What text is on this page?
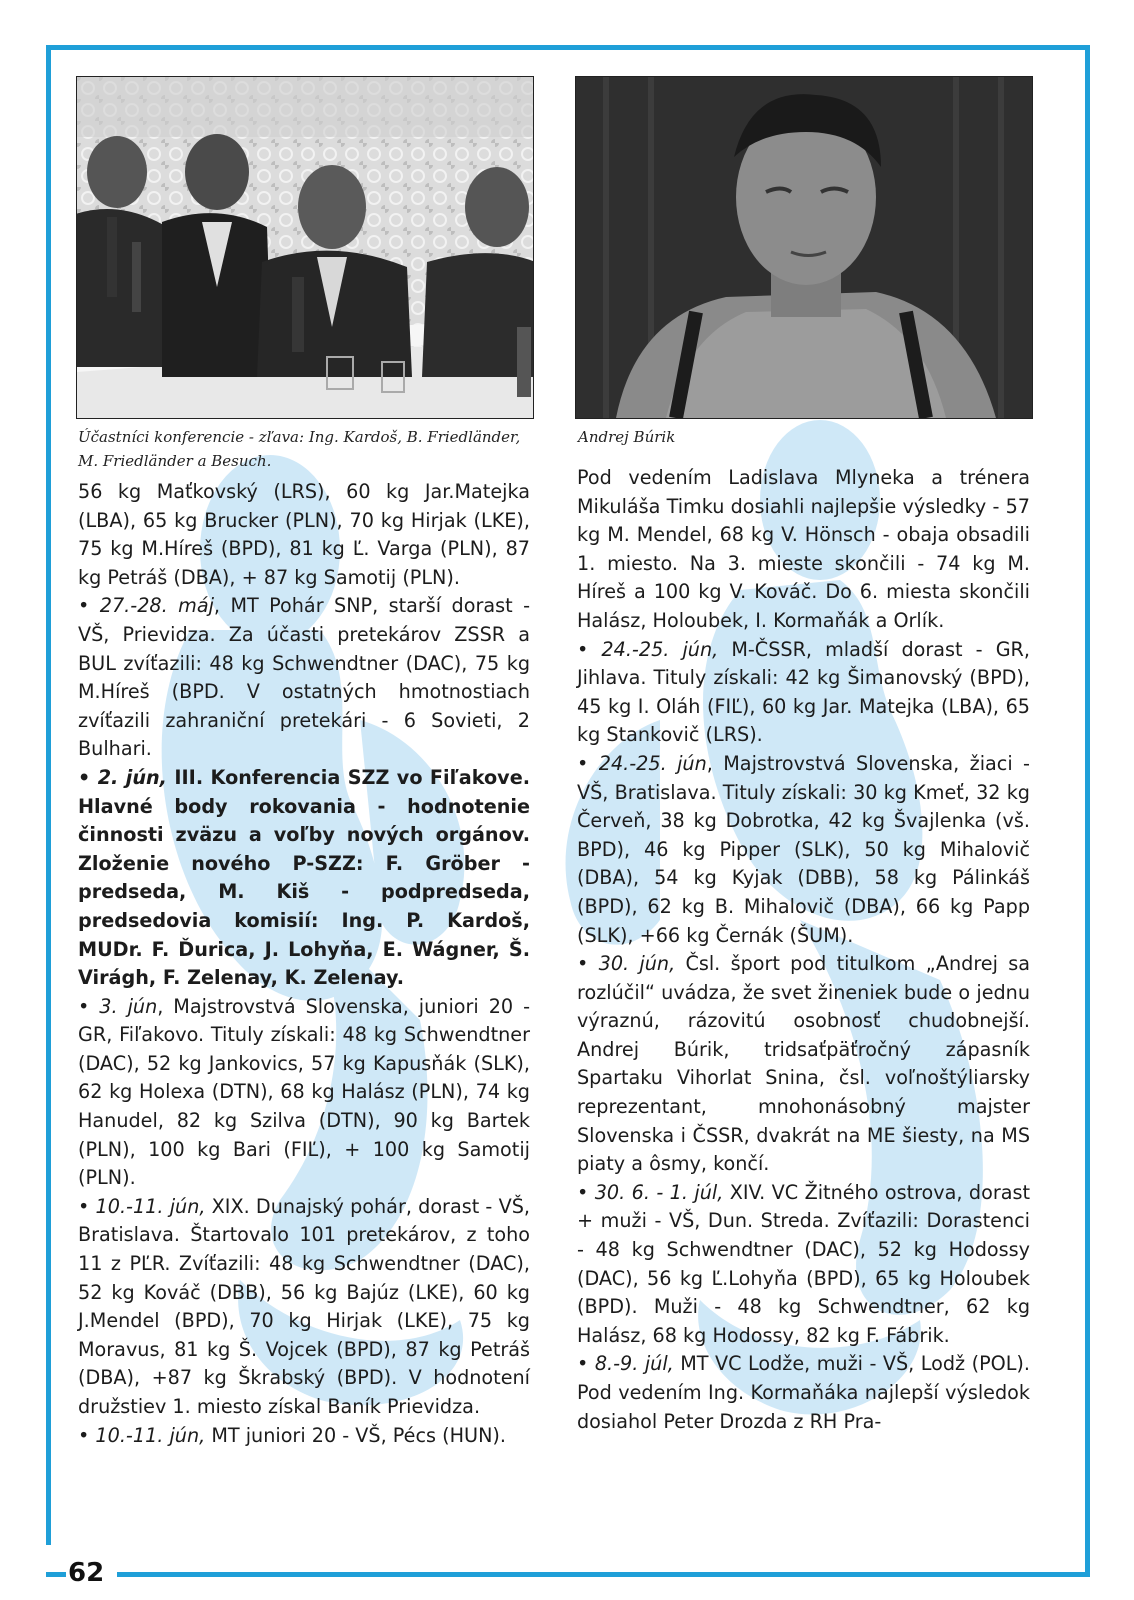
62
Účastníci konferencie - zľava: Ing. Kardoš, B. Friedländer,
M. Friedländer a Besuch.
Andrej Búrik

56 kg Maťkovský (LRS), 60 kg Jar.Matejka (LBA), 65 kg Brucker (PLN), 70 kg Hirjak (LKE), 75 kg M.Híreš (BPD), 81 kg Ľ. Varga (PLN), 87 kg Petráš (DBA), + 87 kg Samotij (PLN).

• 27.-28. máj, MT Pohár SNP, starší dorast - VŠ, Prievidza. Za účasti pretekárov ZSSR a BUL zvíťazili: 48 kg Schwendtner (DAC), 75 kg M.Híreš (BPD. V ostatných hmotnostiach zvíťazili zahraniční pretekári - 6 Sovieti, 2 Bulhari.

• 2. jún, III. Konferencia SZZ vo Fiľakove. Hlavné body rokovania - hodnotenie činnosti zväzu a voľby nových orgánov. Zloženie nového P-SZZ: F. Gröber - predseda, M. Kiš - podpredseda, predsedovia komisií: Ing. P. Kardoš, MUDr. F. Ďurica, J. Lohyňa, E. Wágner, Š. Virágh, F. Zelenay, K. Zelenay.

• 3. jún, Majstrovstvá Slovenska, juniori 20 - GR, Fiľakovo. Tituly získali: 48 kg Schwendtner (DAC), 52 kg Jankovics, 57 kg Kapusňák (SLK), 62 kg Holexa (DTN), 68 kg Halász (PLN), 74 kg Hanudel, 82 kg Szilva (DTN), 90 kg Bartek (PLN), 100 kg Bari (FIĽ), + 100 kg Samotij (PLN).

• 10.-11. jún, XIX. Dunajský pohár, dorast - VŠ, Bratislava. Štartovalo 101 pretekárov, z toho 11 z PĽR. Zvíťazili: 48 kg Schwendtner (DAC), 52 kg Kováč (DBB), 56 kg Bajúz (LKE), 60 kg J.Mendel (BPD), 70 kg Hirjak (LKE), 75 kg Moravus, 81 kg Š. Vojcek (BPD), 87 kg Petráš (DBA), +87 kg Škrabský (BPD). V hodnotení družstiev 1. miesto získal Baník Prievidza.

• 10.-11. jún, MT juniori 20 - VŠ, Pécs (HUN).

Pod vedením Ladislava Mlyneka a trénera Mikuláša Timku dosiahli najlepšie výsledky - 57 kg M. Mendel, 68 kg V. Hönsch - obaja obsadili 1. miesto. Na 3. mieste skončili - 74 kg M. Híreš a 100 kg V. Kováč. Do 6. miesta skončili Halász, Holoubek, I. Kormaňák a Orlík.

• 24.-25. jún, M-ČSSR, mladší dorast - GR, Jihlava. Tituly získali: 42 kg Šimanovský (BPD), 45 kg I. Oláh (FIĽ), 60 kg Jar. Matejka (LBA), 65 kg Stankovič (LRS).

• 24.-25. jún, Majstrovstvá Slovenska, žiaci - VŠ, Bratislava. Tituly získali: 30 kg Kmeť, 32 kg Červeň, 38 kg Dobrotka, 42 kg Švajlenka (vš. BPD), 46 kg Pipper (SLK), 50 kg Mihalovič (DBA), 54 kg Kyjak (DBB), 58 kg Pálinkáš (BPD), 62 kg B. Mihalovič (DBA), 66 kg Papp (SLK), +66 kg Černák (ŠUM).

• 30. jún, Čsl. šport pod titulkom „Andrej sa rozlúčil“ uvádza, že svet žineniek bude o jednu výraznú, rázovitú osobnosť chudobnejší. Andrej Búrik, tridsaťpäťročný zápasník Spartaku Vihorlat Snina, čsl. voľnoštýliarsky reprezentant, mnohonásobný majster Slovenska i ČSSR, dvakrát na ME šiesty, na MS piaty a ôsmy, končí.

• 30. 6. - 1. júl, XIV. VC Žitného ostrova, dorast + muži - VŠ, Dun. Streda. Zvíťazili: Dorastenci - 48 kg Schwendtner (DAC), 52 kg Hodossy (DAC), 56 kg Ľ.Lohyňa (BPD), 65 kg Holoubek (BPD). Muži - 48 kg Schwendtner, 62 kg Halász, 68 kg Hodossy, 82 kg F. Fábrik.

• 8.-9. júl, MT VC Lodže, muži - VŠ, Lodž (POL). Pod vedením Ing. Kormaňáka najlepší výsledok dosiahol Peter Drozda z RH Pra-
